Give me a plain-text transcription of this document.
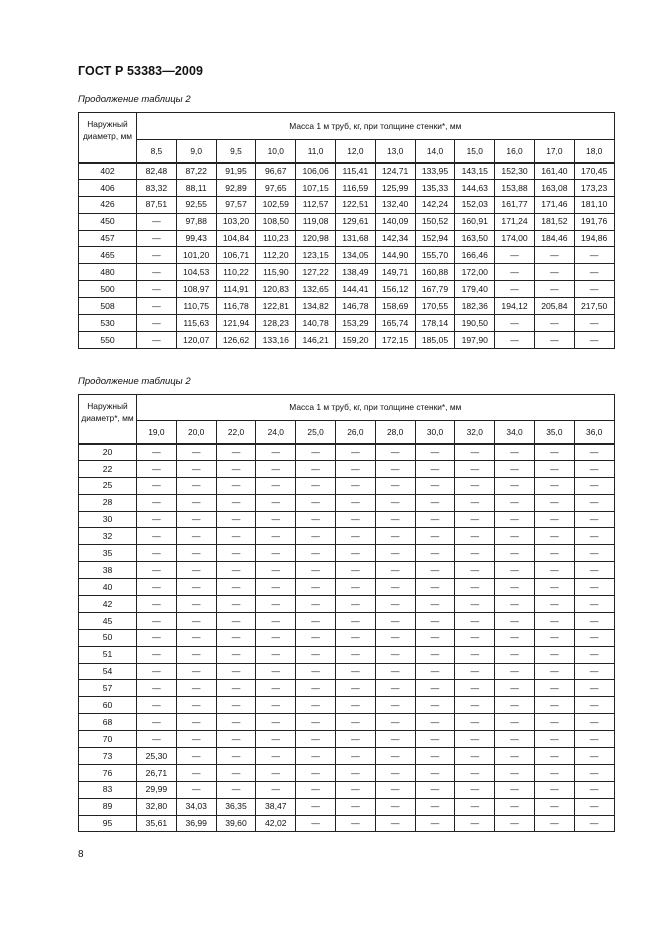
ГОСТ Р 53383—2009
Продолжение таблицы 2
Наружный диаметр, мм	Масса 1 м труб, кг, при толщине стенки*, мм											
	8,5	9,0	9,5	10,0	11,0	12,0	13,0	14,0	15,0	16,0	17,0	18,0
402	82,48	87,22	91,95	96,67	106,06	115,41	124,71	133,95	143,15	152,30	161,40	170,45
406	83,32	88,11	92,89	97,65	107,15	116,59	125,99	135,33	144,63	153,88	163,08	173,23
426	87,51	92,55	97,57	102,59	112,57	122,51	132,40	142,24	152,03	161,77	171,46	181,10
450	—	97,88	103,20	108,50	119,08	129,61	140,09	150,52	160,91	171,24	181,52	191,76
457	—	99,43	104,84	110,23	120,98	131,68	142,34	152,94	163,50	174,00	184,46	194,86
465	—	101,20	106,71	112,20	123,15	134,05	144,90	155,70	166,46	—	—	—
480	—	104,53	110,22	115,90	127,22	138,49	149,71	160,88	172,00	—	—	—
500	—	108,97	114,91	120,83	132,65	144,41	156,12	167,79	179,40	—	—	—
508	—	110,75	116,78	122,81	134,82	146,78	158,69	170,55	182,36	194,12	205,84	217,50
530	—	115,63	121,94	128,23	140,78	153,29	165,74	178,14	190,50	—	—	—
550	—	120,07	126,62	133,16	146,21	159,20	172,15	185,05	197,90	—	—	—
Продолжение таблицы 2
Наружный диаметр*, мм	Масса 1 м труб, кг, при толщине стенки*, мм											
	19,0	20,0	22,0	24,0	25,0	26,0	28,0	30,0	32,0	34,0	35,0	36,0
20	—	—	—	—	—	—	—	—	—	—	—	—
22	—	—	—	—	—	—	—	—	—	—	—	—
25	—	—	—	—	—	—	—	—	—	—	—	—
28	—	—	—	—	—	—	—	—	—	—	—	—
30	—	—	—	—	—	—	—	—	—	—	—	—
32	—	—	—	—	—	—	—	—	—	—	—	—
35	—	—	—	—	—	—	—	—	—	—	—	—
38	—	—	—	—	—	—	—	—	—	—	—	—
40	—	—	—	—	—	—	—	—	—	—	—	—
42	—	—	—	—	—	—	—	—	—	—	—	—
45	—	—	—	—	—	—	—	—	—	—	—	—
50	—	—	—	—	—	—	—	—	—	—	—	—
51	—	—	—	—	—	—	—	—	—	—	—	—
54	—	—	—	—	—	—	—	—	—	—	—	—
57	—	—	—	—	—	—	—	—	—	—	—	—
60	—	—	—	—	—	—	—	—	—	—	—	—
68	—	—	—	—	—	—	—	—	—	—	—	—
70	—	—	—	—	—	—	—	—	—	—	—	—
73	25,30	—	—	—	—	—	—	—	—	—	—	—
76	26,71	—	—	—	—	—	—	—	—	—	—	—
83	29,99	—	—	—	—	—	—	—	—	—	—	—
89	32,80	34,03	36,35	38,47	—	—	—	—	—	—	—	—
95	35,61	36,99	39,60	42,02	—	—	—	—	—	—	—	—
8
